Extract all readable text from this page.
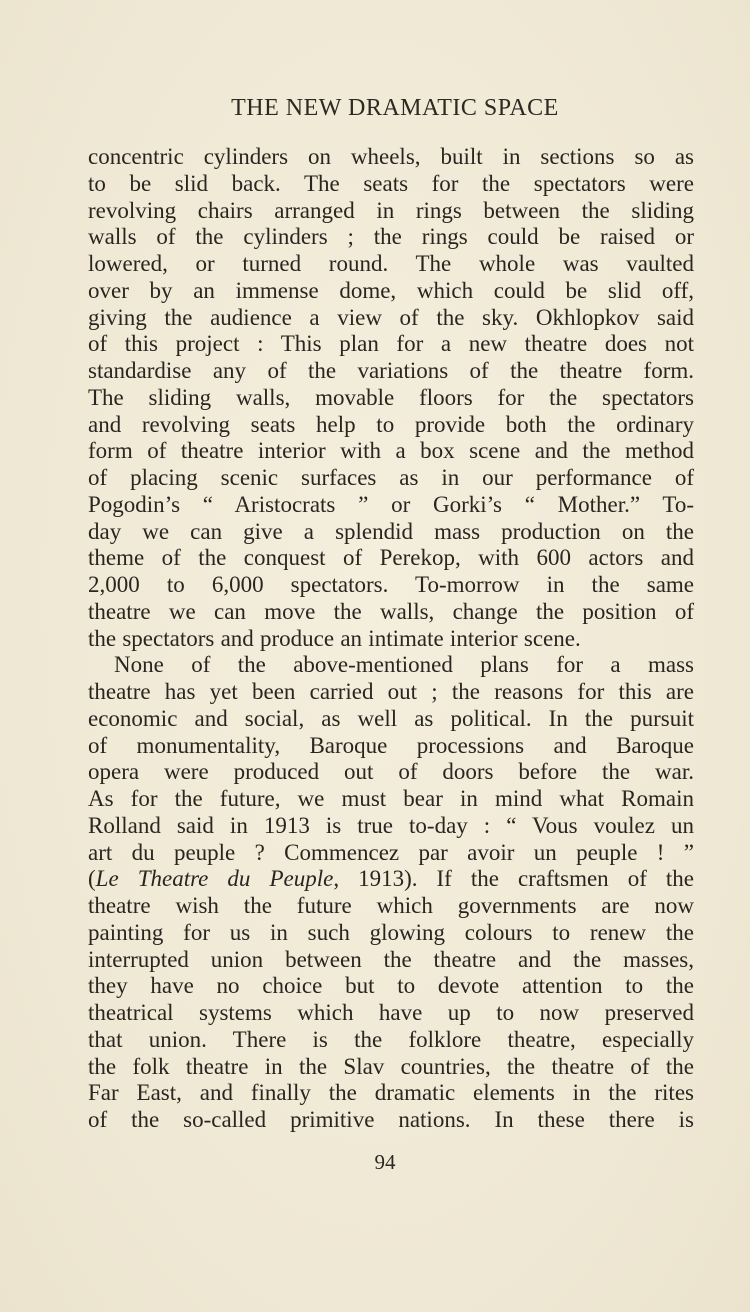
THE NEW DRAMATIC SPACE
concentric cylinders on wheels, built in sections so as
to be slid back. The seats for the spectators were
revolving chairs arranged in rings between the sliding
walls of the cylinders ; the rings could be raised or
lowered, or turned round. The whole was vaulted
over by an immense dome, which could be slid off,
giving the audience a view of the sky. Okhlopkov said
of this project : This plan for a new theatre does not
standardise any of the variations of the theatre form.
The sliding walls, movable floors for the spectators
and revolving seats help to provide both the ordinary
form of theatre interior with a box scene and the method
of placing scenic surfaces as in our performance of
Pogodin’s “ Aristocrats ” or Gorki’s “ Mother.” To-
day we can give a splendid mass production on the
theme of the conquest of Perekop, with 600 actors and
2,000 to 6,000 spectators. To-morrow in the same
theatre we can move the walls, change the position of
the spectators and produce an intimate interior scene.
None of the above-mentioned plans for a mass
theatre has yet been carried out ; the reasons for this are
economic and social, as well as political. In the pursuit
of monumentality, Baroque processions and Baroque
opera were produced out of doors before the war.
As for the future, we must bear in mind what Romain
Rolland said in 1913 is true to-day : “ Vous voulez un
art du peuple ? Commencez par avoir un peuple ! ”
(Le Theatre du Peuple, 1913). If the craftsmen of the
theatre wish the future which governments are now
painting for us in such glowing colours to renew the
interrupted union between the theatre and the masses,
they have no choice but to devote attention to the
theatrical systems which have up to now preserved
that union. There is the folklore theatre, especially
the folk theatre in the Slav countries, the theatre of the
Far East, and finally the dramatic elements in the rites
of the so-called primitive nations. In these there is
94
